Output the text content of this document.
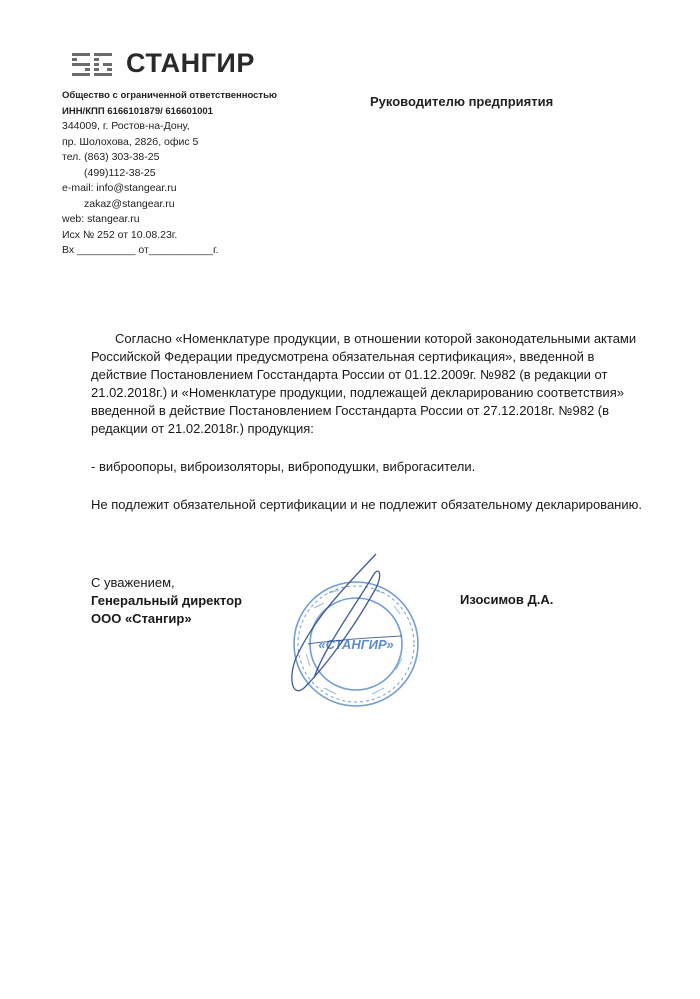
СТАНГИР
Общество с ограниченной ответственностью
ИНН/КПП 6166101879/ 616601001
344009, г. Ростов-на-Дону,
пр. Шолохова, 282б, офис 5
тел. (863) 303-38-25
(499)112-38-25
e-mail: info@stangear.ru
zakaz@stangear.ru
web: stangear.ru
Исх № 252 от 10.08.23г.
Вх __________ от___________г.
Руководителю предприятия

Согласно «Номенклатуре продукции, в отношении которой законодательными актами Российской Федерации предусмотрена обязательная сертификация», введенной в действие Постановлением Госстандарта России от 01.12.2009г. №982 (в редакции от 21.02.2018г.) и «Номенклатуре продукции, подлежащей декларированию соответствия» введенной в действие Постановлением Госстандарта России от 27.12.2018г. №982 (в редакции от 21.02.2018г.) продукция:

- виброопоры, виброизоляторы, виброподушки, виброгасители.

Не подлежит обязательной сертификации и не подлежит обязательному декларированию.

С уважением,
Генеральный директор
ООО «Стангир»
Изосимов Д.А.
«СТАНГИР»
